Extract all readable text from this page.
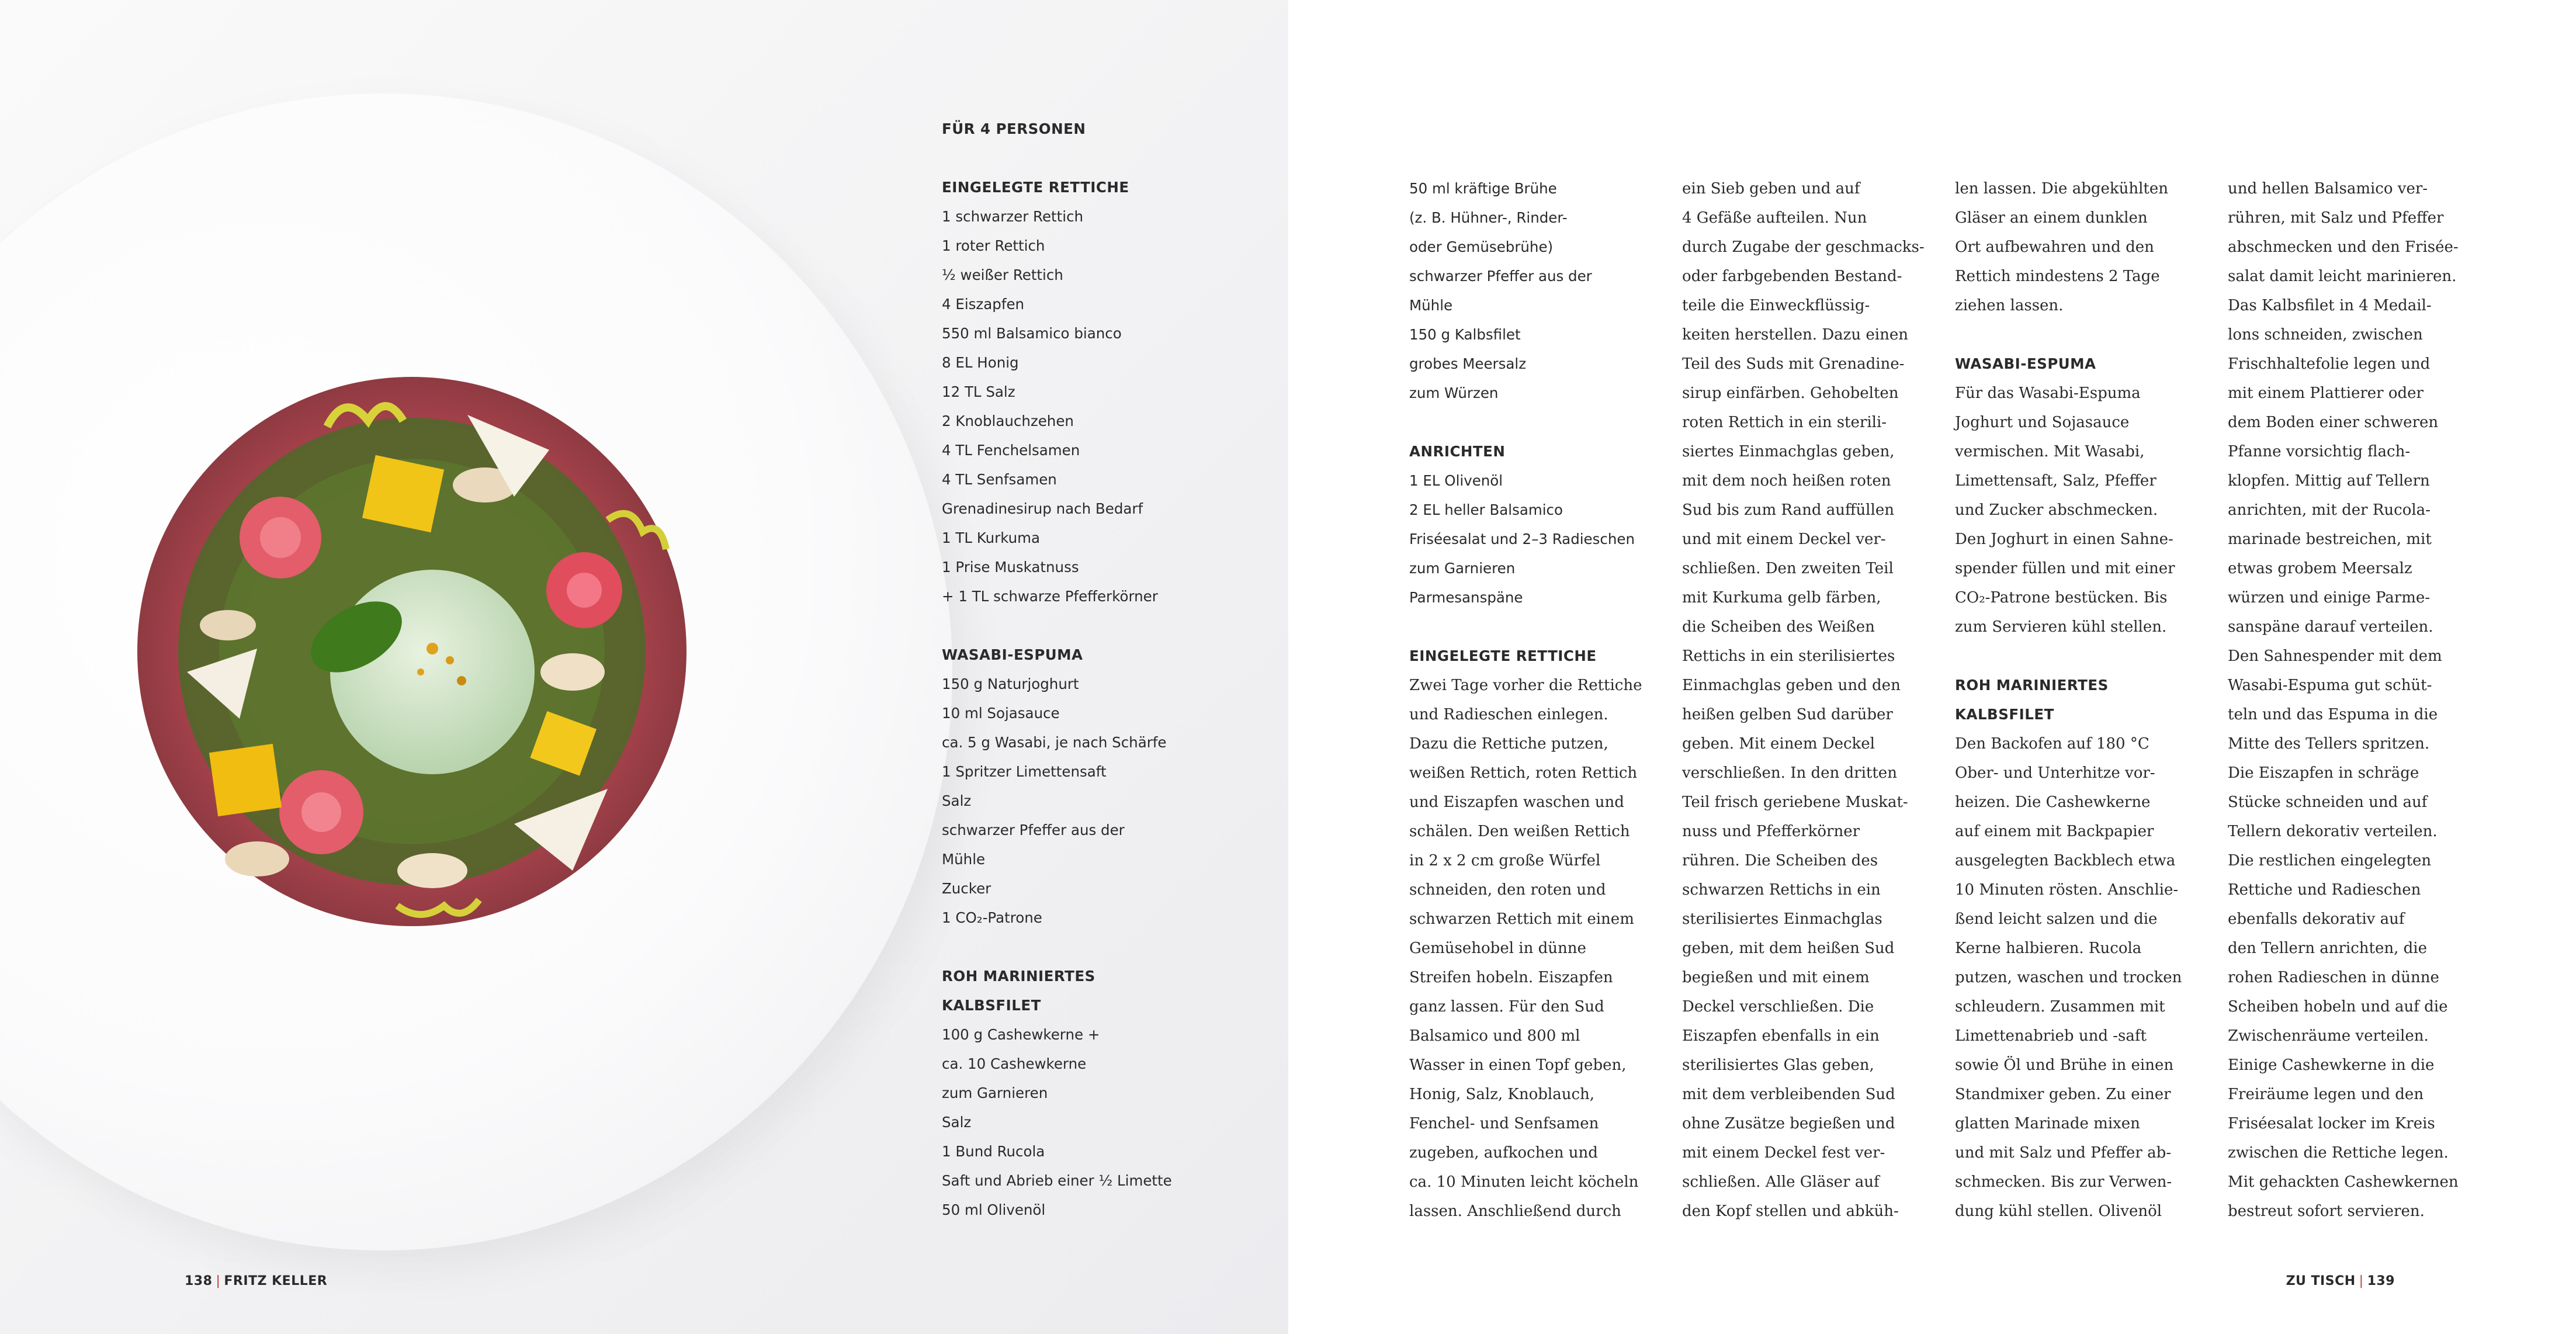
FÜR 4 PERSONEN
EINGELEGTE RETTICHE
1 schwarzer Rettich
1 roter Rettich
½ weißer Rettich
4 Eiszapfen
550 ml Balsamico bianco
8 EL Honig
12 TL Salz
2 Knoblauchzehen
4 TL Fenchelsamen
4 TL Senfsamen
Grenadinesirup nach Bedarf
1 TL Kurkuma
1 Prise Muskatnuss
+ 1 TL schwarze Pfefferkörner
WASABI-ESPUMA
150 g Naturjoghurt
10 ml Sojasauce
ca. 5 g Wasabi, je nach Schärfe
1 Spritzer Limettensaft
Salz
schwarzer Pfeffer aus der
Mühle
Zucker
1 CO₂-Patrone
ROH MARINIERTES
KALBSFILET
100 g Cashewkerne +
ca. 10 Cashewkerne
zum Garnieren
Salz
1 Bund Rucola
Saft und Abrieb einer ½ Limette
50 ml Olivenöl
138 | FRITZ KELLER
50 ml kräftige Brühe
(z. B. Hühner-, Rinder-
oder Gemüsebrühe)
schwarzer Pfeffer aus der
Mühle
150 g Kalbsfilet
grobes Meersalz
zum Würzen
ANRICHTEN
1 EL Olivenöl
2 EL heller Balsamico
Friséesalat und 2–3 Radieschen
zum Garnieren
Parmesanspäne
EINGELEGTE RETTICHE
Zwei Tage vorher die Rettiche
und Radieschen einlegen.
Dazu die Rettiche putzen,
weißen Rettich, roten Rettich
und Eiszapfen waschen und
schälen. Den weißen Rettich
in 2 x 2 cm große Würfel
schneiden, den roten und
schwarzen Rettich mit einem
Gemüsehobel in dünne
Streifen hobeln. Eiszapfen
ganz lassen. Für den Sud
Balsamico und 800 ml
Wasser in einen Topf geben,
Honig, Salz, Knoblauch,
Fenchel- und Senfsamen
zugeben, aufkochen und
ca. 10 Minuten leicht köcheln
lassen. Anschließend durch
ein Sieb geben und auf
4 Gefäße aufteilen. Nun
durch Zugabe der geschmacks-
oder farbgebenden Bestand-
teile die Einweckflüssig-
keiten herstellen. Dazu einen
Teil des Suds mit Grenadine-
sirup einfärben. Gehobelten
roten Rettich in ein sterili-
siertes Einmachglas geben,
mit dem noch heißen roten
Sud bis zum Rand auffüllen
und mit einem Deckel ver-
schließen. Den zweiten Teil
mit Kurkuma gelb färben,
die Scheiben des Weißen
Rettichs in ein sterilisiertes
Einmachglas geben und den
heißen gelben Sud darüber
geben. Mit einem Deckel
verschließen. In den dritten
Teil frisch geriebene Muskat-
nuss und Pfefferkörner
rühren. Die Scheiben des
schwarzen Rettichs in ein
sterilisiertes Einmachglas
geben, mit dem heißen Sud
begießen und mit einem
Deckel verschließen. Die
Eiszapfen ebenfalls in ein
sterilisiertes Glas geben,
mit dem verbleibenden Sud
ohne Zusätze begießen und
mit einem Deckel fest ver-
schließen. Alle Gläser auf
den Kopf stellen und abküh-
len lassen. Die abgekühlten
Gläser an einem dunklen
Ort aufbewahren und den
Rettich mindestens 2 Tage
ziehen lassen.
WASABI-ESPUMA
Für das Wasabi-Espuma
Joghurt und Sojasauce
vermischen. Mit Wasabi,
Limettensaft, Salz, Pfeffer
und Zucker abschmecken.
Den Joghurt in einen Sahne-
spender füllen und mit einer
CO₂-Patrone bestücken. Bis
zum Servieren kühl stellen.
ROH MARINIERTES
KALBSFILET
Den Backofen auf 180 °C
Ober- und Unterhitze vor-
heizen. Die Cashewkerne
auf einem mit Backpapier
ausgelegten Backblech etwa
10 Minuten rösten. Anschlie-
ßend leicht salzen und die
Kerne halbieren. Rucola
putzen, waschen und trocken
schleudern. Zusammen mit
Limettenabrieb und -saft
sowie Öl und Brühe in einen
Standmixer geben. Zu einer
glatten Marinade mixen
und mit Salz und Pfeffer ab-
schmecken. Bis zur Verwen-
dung kühl stellen. Olivenöl
und hellen Balsamico ver-
rühren, mit Salz und Pfeffer
abschmecken und den Frisée-
salat damit leicht marinieren.
Das Kalbsfilet in 4 Medail-
lons schneiden, zwischen
Frischhaltefolie legen und
mit einem Plattierer oder
dem Boden einer schweren
Pfanne vorsichtig flach-
klopfen. Mittig auf Tellern
anrichten, mit der Rucola-
marinade bestreichen, mit
etwas grobem Meersalz
würzen und einige Parme-
sanspäne darauf verteilen.
Den Sahnespender mit dem
Wasabi-Espuma gut schüt-
teln und das Espuma in die
Mitte des Tellers spritzen.
Die Eiszapfen in schräge
Stücke schneiden und auf
Tellern dekorativ verteilen.
Die restlichen eingelegten
Rettiche und Radieschen
ebenfalls dekorativ auf
den Tellern anrichten, die
rohen Radieschen in dünne
Scheiben hobeln und auf die
Zwischenräume verteilen.
Einige Cashewkerne in die
Freiräume legen und den
Friséesalat locker im Kreis
zwischen die Rettiche legen.
Mit gehackten Cashewkernen
bestreut sofort servieren.
ZU TISCH | 139
